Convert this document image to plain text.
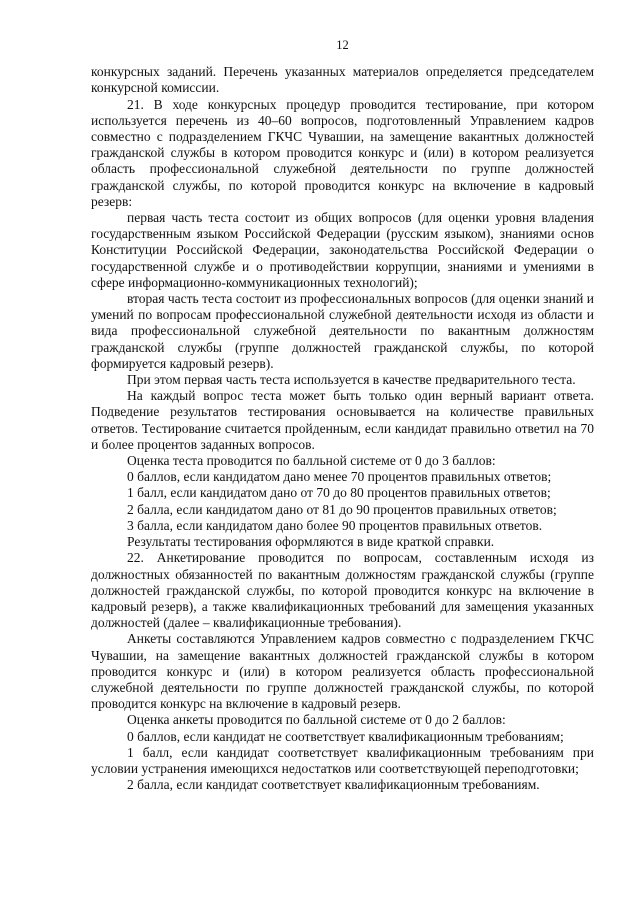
12

конкурсных заданий. Перечень указанных материалов определяется председателем конкурсной комиссии.

21. В ходе конкурсных процедур проводится тестирование, при котором используется перечень из 40–60 вопросов, подготовленный Управлением кадров совместно с подразделением ГКЧС Чувашии, на замещение вакантных должностей гражданской службы в котором проводится конкурс и (или) в котором реализуется область профессиональной служебной деятельности по группе должностей гражданской службы, по которой проводится конкурс на включение в кадровый резерв:

первая часть теста состоит из общих вопросов (для оценки уровня владения государственным языком Российской Федерации (русским языком), знаниями основ Конституции Российской Федерации, законодательства Российской Федерации о государственной службе и о противодействии коррупции, знаниями и умениями в сфере информационно-коммуникационных технологий);

вторая часть теста состоит из профессиональных вопросов (для оценки знаний и умений по вопросам профессиональной служебной деятельности исходя из области и вида профессиональной служебной деятельности по вакантным должностям гражданской службы (группе должностей гражданской службы, по которой формируется кадровый резерв).

При этом первая часть теста используется в качестве предварительного теста.

На каждый вопрос теста может быть только один верный вариант ответа. Подведение результатов тестирования основывается на количестве правильных ответов. Тестирование считается пройденным, если кандидат правильно ответил на 70 и более процентов заданных вопросов.

Оценка теста проводится по балльной системе от 0 до 3 баллов:

0 баллов, если кандидатом дано менее 70 процентов правильных ответов;

1 балл, если кандидатом дано от 70 до 80 процентов правильных ответов;

2 балла, если кандидатом дано от 81 до 90 процентов правильных ответов;

3 балла, если кандидатом дано более 90 процентов правильных ответов.

Результаты тестирования оформляются в виде краткой справки.

22. Анкетирование проводится по вопросам, составленным исходя из должностных обязанностей по вакантным должностям гражданской службы (группе должностей гражданской службы, по которой проводится конкурс на включение в кадровый резерв), а также квалификационных требований для замещения указанных должностей (далее – квалификационные требования).

Анкеты составляются Управлением кадров совместно с подразделением ГКЧС Чувашии, на замещение вакантных должностей гражданской службы в котором проводится конкурс и (или) в котором реализуется область профессиональной служебной деятельности по группе должностей гражданской службы, по которой проводится конкурс на включение в кадровый резерв.

Оценка анкеты проводится по балльной системе от 0 до 2 баллов:

0 баллов, если кандидат не соответствует квалификационным требованиям;

1 балл, если кандидат соответствует квалификационным требованиям при условии устранения имеющихся недостатков или соответствующей переподготовки;

2 балла, если кандидат соответствует квалификационным требованиям.
